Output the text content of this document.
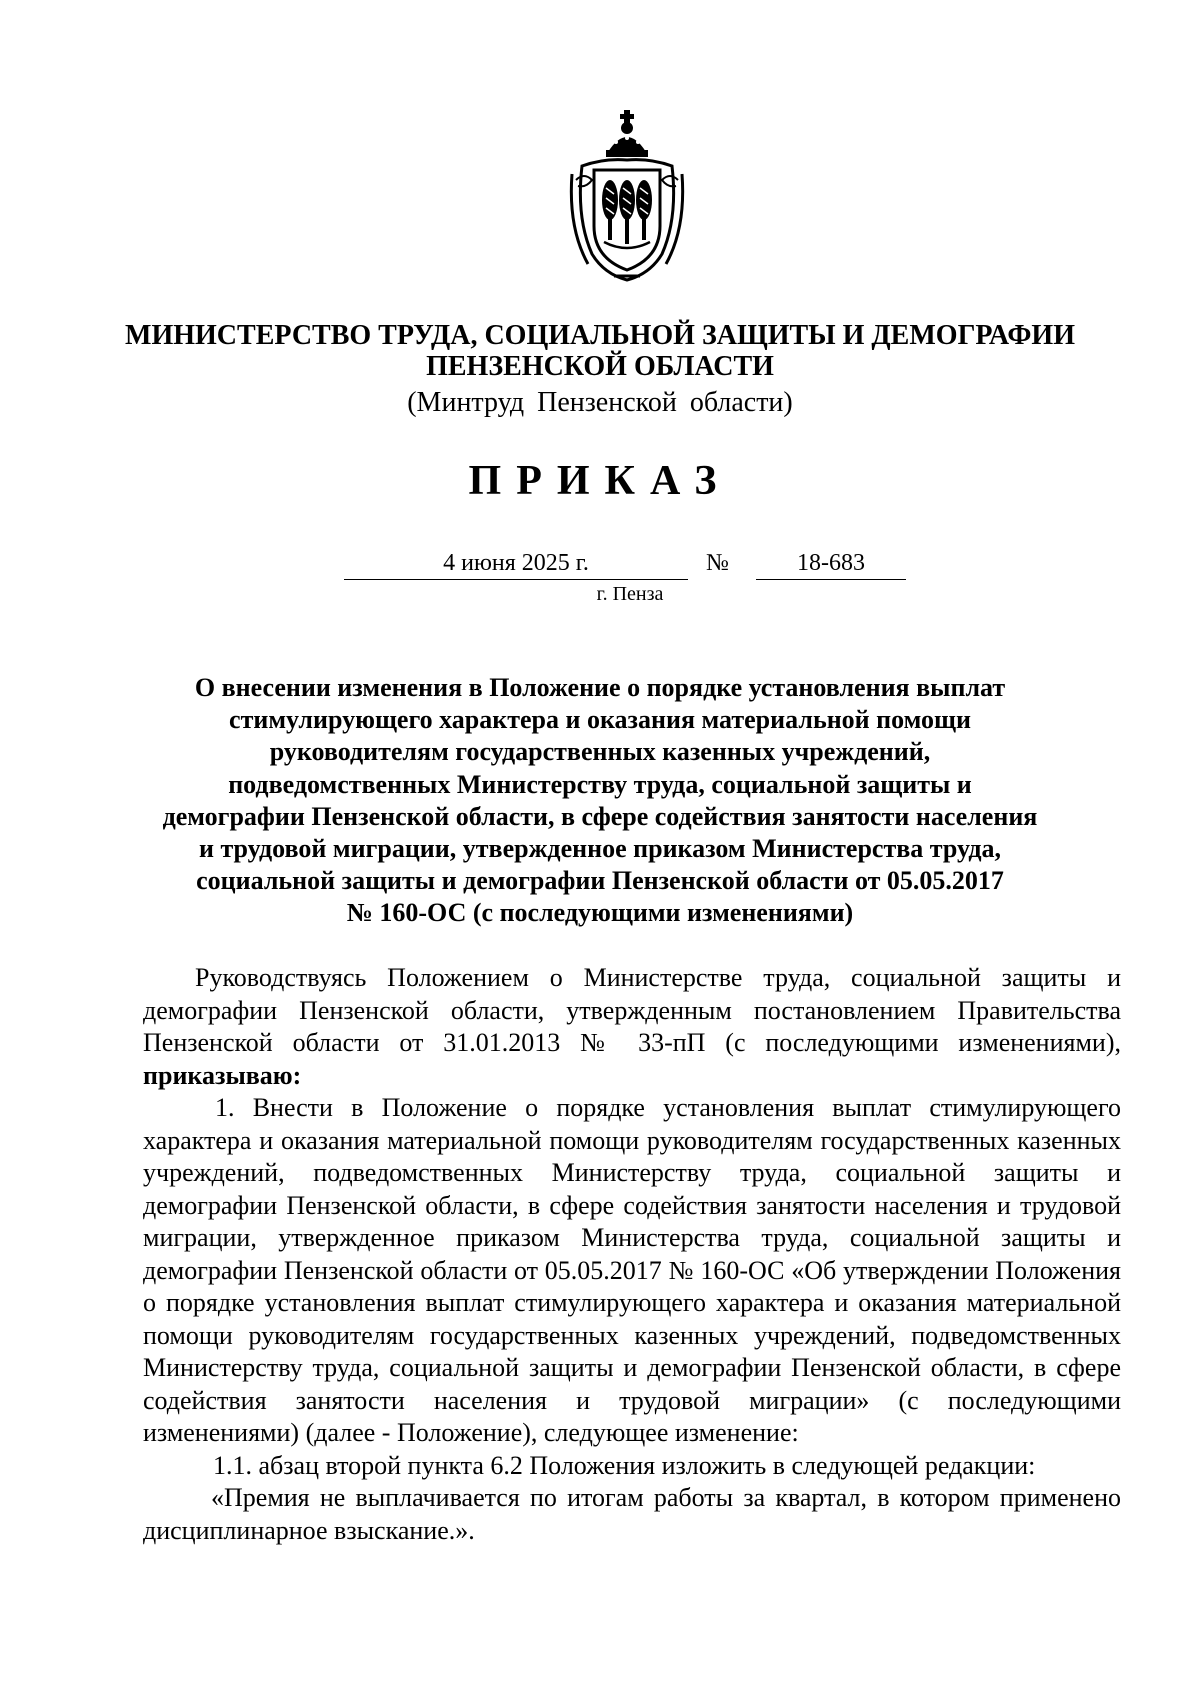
МИНИСТЕРСТВО ТРУДА, СОЦИАЛЬНОЙ ЗАЩИТЫ И ДЕМОГРАФИИ
ПЕНЗЕНСКОЙ ОБЛАСТИ
(Минтруд Пензенской области)
ПРИКАЗ
4 июня 2025 г.	№	18-683
г. Пенза
О внесении изменения в Положение о порядке установления выплат
стимулирующего характера и оказания материальной помощи
руководителям государственных казенных учреждений,
подведомственных Министерству труда, социальной защиты и
демографии Пензенской области, в сфере содействия занятости населения
и трудовой миграции, утвержденное приказом Министерства труда,
социальной защиты и демографии Пензенской области от 05.05.2017
№ 160-ОС (с последующими изменениями)

Руководствуясь Положением о Министерстве труда, социальной защиты и демографии Пензенской области, утвержденным постановлением Правительства Пензенской области от 31.01.2013 № 33-пП (с последующими изменениями), приказываю:

1. Внести в Положение о порядке установления выплат стимулирующего характера и оказания материальной помощи руководителям государственных казенных учреждений, подведомственных Министерству труда, социальной защиты и демографии Пензенской области, в сфере содействия занятости населения и трудовой миграции, утвержденное приказом Министерства труда, социальной защиты и демографии Пензенской области от 05.05.2017 № 160-ОС «Об утверждении Положения о порядке установления выплат стимулирующего характера и оказания материальной помощи руководителям государственных казенных учреждений, подведомственных Министерству труда, социальной защиты и демографии Пензенской области, в сфере содействия занятости населения и трудовой миграции» (с последующими изменениями) (далее - Положение), следующее изменение:

1.1. абзац второй пункта 6.2 Положения изложить в следующей редакции:

«Премия не выплачивается по итогам работы за квартал, в котором применено дисциплинарное взыскание.».
